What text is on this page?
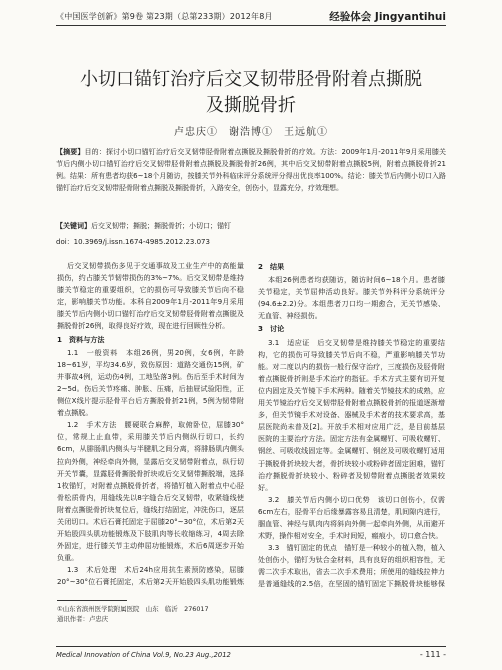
《中国医学创新》第9卷 第23期（总第233期）2012年8月	经验体会 Jingyantihui
小切口锚钉治疗后交叉韧带胫骨附着点撕脱
及撕脱骨折
卢忠庆①　谢浩博①　王远航①
【摘要】目的：探讨小切口锚钉治疗后交叉韧带胫骨附着点撕脱及撕脱骨折的疗效。方法：2009年1月-2011年9月采用膝关节后内侧小切口锚钉治疗后交叉韧带胫骨附着点撕脱及撕脱骨折26例，其中后交叉韧带附着点撕脱5例，附着点撕脱骨折21例。结果：所有患者均获6~18个月随访，按膝关节外科临床评分系统评分得出优良率100%。结论：膝关节后内侧小切口入路锚钉治疗后交叉韧带胫骨附着点撕脱及撕脱骨折，入路安全，创伤小，显露充分，疗效理想。
【关键词】后交叉韧带；撕脱；撕脱骨折；小切口；锚钉
doi：10.3969/j.issn.1674-4985.2012.23.073

后交叉韧带损伤多见于交通事故及工业生产中的高能量损伤，约占膝关节韧带损伤的3%~7%。后交叉韧带是维持膝关节稳定的重要组织，它的损伤可导致膝关节后向不稳定，影响膝关节功能。本科自2009年1月-2011年9月采用膝关节后内侧小切口锚钉治疗后交叉韧带胫骨附着点撕脱及撕脱骨折26例，取得良好疗效，现在进行回顾性分析。

1　资料与方法

1.1　一般资料　本组26例，男20例，女6例，年龄18~61岁，平均34.6岁，致伤原因：道路交通伤15例，矿井事故4例，运动伤4例，工地坠落3例。伤后至手术时间为2~5d。伤后关节疼痛、肿胀、压痛，后抽屉试验阳性，正侧位X线片提示胫骨平台后方撕脱骨折21例，5例为韧带附着点撕脱。

1.2　手术方法　腰硬联合麻醉，取俯卧位，屈膝30°位，常规上止血带，采用膝关节后内侧纵行切口，长约6cm，从腓肠肌内侧头与半腱肌之间分离，将腓肠肌内侧头拉向外侧，神经牵向外侧，显露后交叉韧带附着点，纵行切开关节囊，显露胫骨撕脱骨折块或后交叉韧带撕脱端，选择1枚锚钉，对附着点撕脱骨折者，将锚钉植入附着点中心胫骨松质骨内，用缝线先以8字缝合后交叉韧带，收紧缝线使附着点撕脱骨折块复位后，缝线打结固定，冲洗伤口，逐层关闭切口。术后石膏托固定于屈膝20°~30°位，术后第2天开始股四头肌功能锻炼及下肢肌肉等长收缩练习，4周去除外固定，进行膝关节主动伸屈功能锻炼，术后6周逐步开始负重。

1.3　术后处理　术后24h应用抗生素预防感染，屈膝20°~30°位石膏托固定，术后第2天开始股四头肌功能锻炼

2　结果

本组26例患者均获随访，随访时间6~18个月。患者膝关节稳定，关节屈伸活动良好。膝关节外科评分系统评分(94.6±2.2)分。本组患者刀口均一期愈合，无关节感染、无血管、神经损伤。

3　讨论

3.1　适应证　后交叉韧带是维持膝关节稳定的重要结构，它的损伤可导致膝关节后向不稳，严重影响膝关节功能。对二度以内的损伤一般行保守治疗，三度损伤及胫骨附着点撕脱骨折则是手术治疗的指征。手术方式主要有切开复位内固定及关节镜下手术两种。随着关节镜技术的成熟，应用关节镜治疗后交叉韧带胫骨附着点撕脱骨折的报道逐渐增多，但关节镜手术对设备、器械及手术者的技术要求高，基层医院尚未普及[2]。开放手术相对应用广泛，是目前基层医院的主要治疗方法。固定方法有金属螺钉、可吸收螺钉、钢丝、可吸收线固定等。金属螺钉、钢丝及可吸收螺钉适用于撕脱骨折块较大者，骨折块较小或粉碎者固定困难，锚钉治疗撕脱骨折块较小、粉碎者及韧带附着点撕脱者效果较好。

3.2　膝关节后内侧小切口优势　该切口创伤小，仅需6cm左右，胫骨平台后缘暴露容易且清楚，肌间隙内进行，腘血管、神经与肌肉内将斜向外侧一起牵向外侧，从而避开术野，操作相对安全，手术时间短，瘢痕小，切口愈合快。

3.3　锚钉固定的优点　锚钉是一种较小的植入物，植入处创伤小，锚钉为钛合金材料，具有良好的组织相容性，无需二次手术取出，省去二次手术费用；所使用的缝线拉伸力是普通缝线的2.5倍，在坚固的锚钉固定下撕脱骨块能够保

①山东省滨州医学院附属医院　山东　临沂　276017
通讯作者：卢忠庆
Medical Innovation of China Vol.9, No.23 Aug.,2012	- 111 -
